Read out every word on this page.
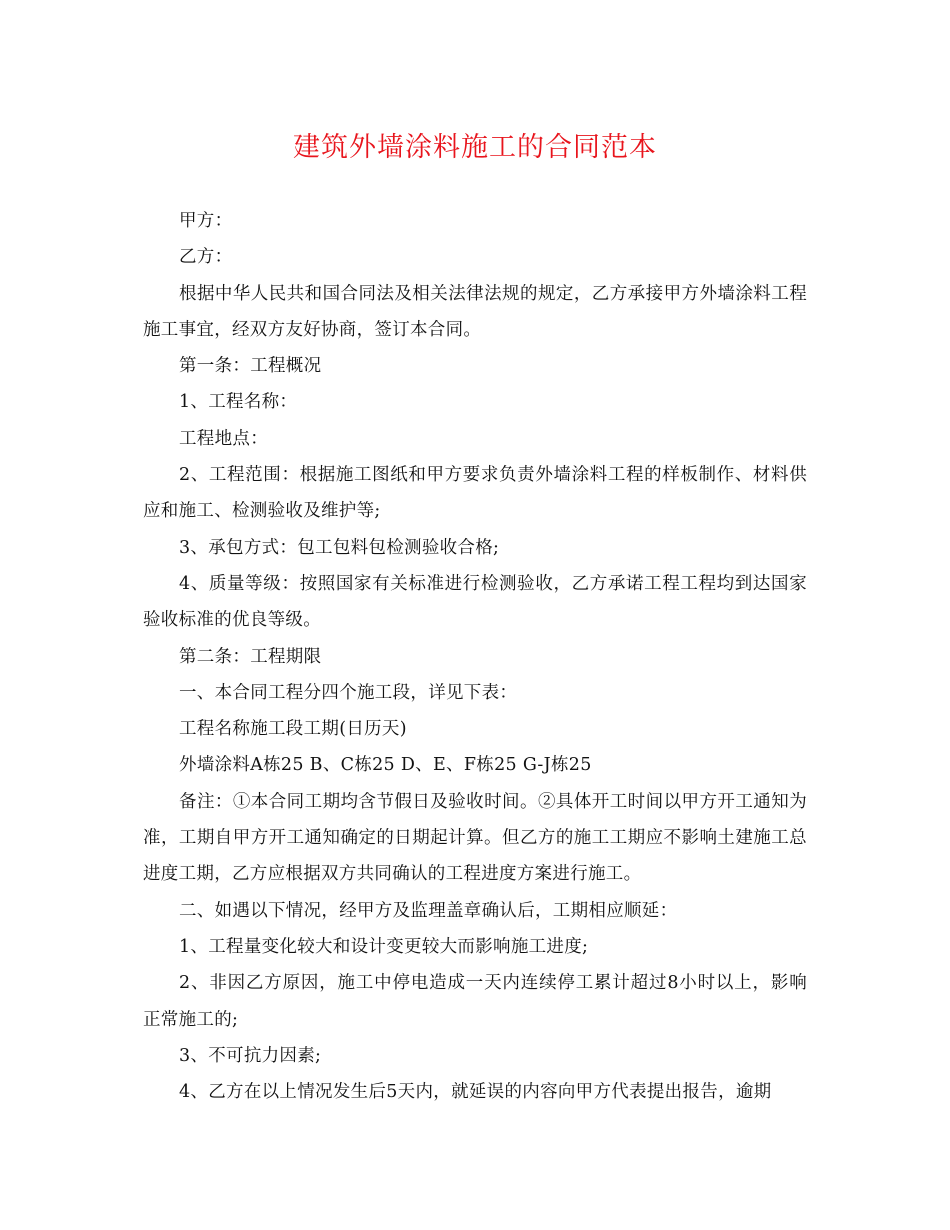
建筑外墙涂料施工的合同范本

甲方：

乙方：

根据中华人民共和国合同法及相关法律法规的规定，乙方承接甲方外墙涂料工程施工事宜，经双方友好协商，签订本合同。

第一条：工程概况

1、工程名称：

工程地点：

2、工程范围：根据施工图纸和甲方要求负责外墙涂料工程的样板制作、材料供应和施工、检测验收及维护等;

3、承包方式：包工包料包检测验收合格;

4、质量等级：按照国家有关标准进行检测验收，乙方承诺工程工程均到达国家验收标准的优良等级。

第二条：工程期限

一、本合同工程分四个施工段，详见下表：

工程名称施工段工期(日历天)

外墙涂料A栋25 B、C栋25 D、E、F栋25 G-J栋25

备注：①本合同工期均含节假日及验收时间。②具体开工时间以甲方开工通知为准，工期自甲方开工通知确定的日期起计算。但乙方的施工工期应不影响土建施工总进度工期，乙方应根据双方共同确认的工程进度方案进行施工。

二、如遇以下情况，经甲方及监理盖章确认后，工期相应顺延：

1、工程量变化较大和设计变更较大而影响施工进度;

2、非因乙方原因，施工中停电造成一天内连续停工累计超过8小时以上，影响正常施工的;

3、不可抗力因素;

4、乙方在以上情况发生后5天内，就延误的内容向甲方代表提出报告，逾期
